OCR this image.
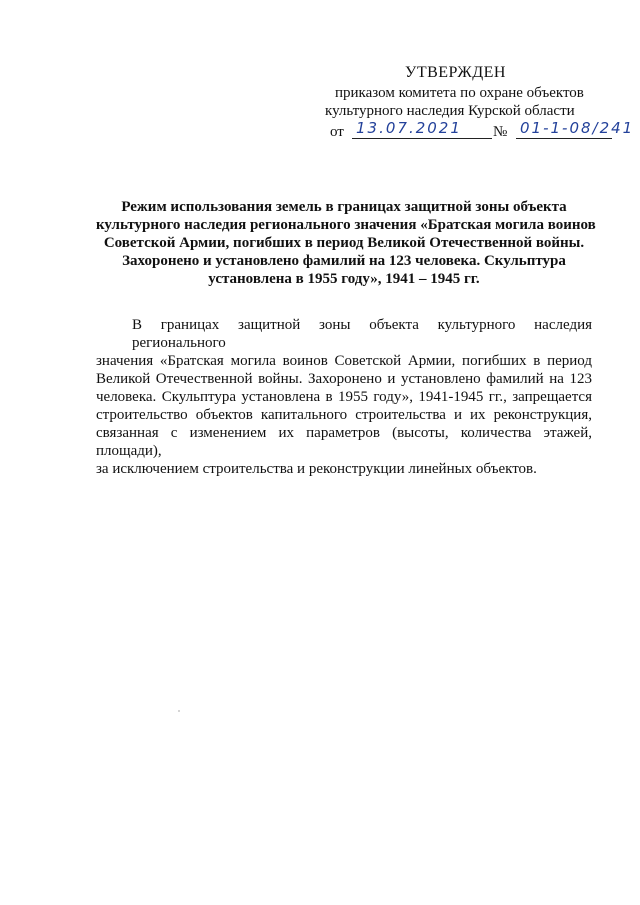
УТВЕРЖДЕН
приказом комитета по охране объектов
культурного наследия Курской области
от 13.07.2021	№ 01-1-08/241
Режим использования земель в границах защитной зоны объекта
культурного наследия регионального значения «Братская могила воинов
Советской Армии, погибших в период Великой Отечественной войны.
Захоронено и установлено фамилий на 123 человека. Скульптура
установлена в 1955 году», 1941 – 1945 гг.
В границах защитной зоны объекта культурного наследия регионального
значения «Братская могила воинов Советской Армии, погибших в период
Великой Отечественной войны. Захоронено и установлено фамилий на 123
человека. Скульптура установлена в 1955 году», 1941-1945 гг., запрещается
строительство объектов капитального строительства и их реконструкция,
связанная с изменением их параметров (высоты, количества этажей, площади),
за исключением строительства и реконструкции линейных объектов.
